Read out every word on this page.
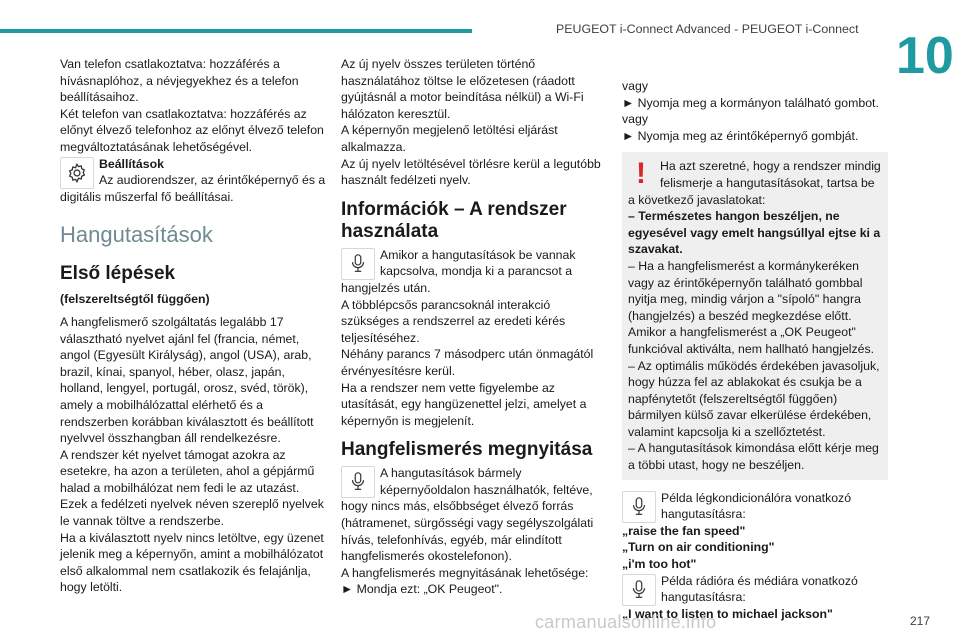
PEUGEOT i-Connect Advanced - PEUGEOT i-Connect 10

Van telefon csatlakoztatva: hozzáférés a hívásnaplóhoz, a névjegyekhez és a telefon beállításaihoz.

Két telefon van csatlakoztatva: hozzáférés az előnyt élvező telefonhoz az előnyt élvező telefon megváltoztatásának lehetőségével.

Beállítások

Az audiorendszer, az érintőképernyő és a digitális műszerfal fő beállításai.

Hangutasítások
Első lépések

(felszereltségtől függően)

A hangfelismerő szolgáltatás legalább 17 választható nyelvet ajánl fel (francia, német, angol (Egyesült Királyság), angol (USA), arab, brazil, kínai, spanyol, héber, olasz, japán, holland, lengyel, portugál, orosz, svéd, török), amely a mobilhálózattal elérhető és a rendszerben korábban kiválasztott és beállított nyelvvel összhangban áll rendelkezésre.

A rendszer két nyelvet támogat azokra az esetekre, ha azon a területen, ahol a gépjármű halad a mobilhálózat nem fedi le az utazást. Ezek a fedélzeti nyelvek néven szereplő nyelvek le vannak töltve a rendszerbe.

Ha a kiválasztott nyelv nincs letöltve, egy üzenet jelenik meg a képernyőn, amint a mobilhálózatot első alkalommal nem csatlakozik és felajánlja, hogy letölti.

Az új nyelv összes területen történő használatához töltse le előzetesen (ráadott gyújtásnál a motor beindítása nélkül) a Wi-Fi hálózaton keresztül.

A képernyőn megjelenő letöltési eljárást alkalmazza.

Az új nyelv letöltésével törlésre kerül a legutóbb használt fedélzeti nyelv.

Információk – A rendszer használata

Amikor a hangutasítások be vannak kapcsolva, mondja ki a parancsot a hangjelzés után.

A többlépcsős parancsoknál interakció szükséges a rendszerrel az eredeti kérés teljesítéséhez.

Néhány parancs 7 másodperc után önmagától érvényesítésre kerül.

Ha a rendszer nem vette figyelembe az utasítását, egy hangüzenettel jelzi, amelyet a képernyőn is megjelenít.

Hangfelismerés megnyitása

A hangutasítások bármely képernyőoldalon használhatók, feltéve, hogy nincs más, elsőbbséget élvező forrás (hátramenet, sürgősségi vagy segélyszolgálati hívás, telefonhívás, egyéb, már elindított hangfelismerés okostelefonon).

A hangfelismerés megnyitásának lehetősége:

► Mondja ezt: „OK Peugeot".

vagy

► Nyomja meg a kormányon található gombot.

vagy

► Nyomja meg az érintőképernyő gombját.

!	Ha azt szeretné, hogy a rendszer mindig felismerje a hangutasításokat, tartsa be a következő javaslatokat:

– Természetes hangon beszéljen, ne egyesével vagy emelt hangsúllyal ejtse ki a szavakat.

– Ha a hangfelismerést a kormánykeréken vagy az érintőképernyőn található gombbal nyitja meg, mindig várjon a "sípoló" hangra (hangjelzés) a beszéd megkezdése előtt.

Amikor a hangfelismerést a „OK Peugeot" funkcióval aktiválta, nem hallható hangjelzés.

– Az optimális működés érdekében javasoljuk, hogy húzza fel az ablakokat és csukja be a napfénytetőt (felszereltségtől függően) bármilyen külső zavar elkerülése érdekében, valamint kapcsolja ki a szellőztetést.

– A hangutasítások kimondása előtt kérje meg a többi utast, hogy ne beszéljen.

Példa légkondicionálóra vonatkozó hangutasításra:

„raise the fan speed"

„Turn on air conditioning"

„i'm too hot"

Példa rádióra és médiára vonatkozó hangutasításra:

„I want to listen to michael jackson"

carmanualsonline.info	217
